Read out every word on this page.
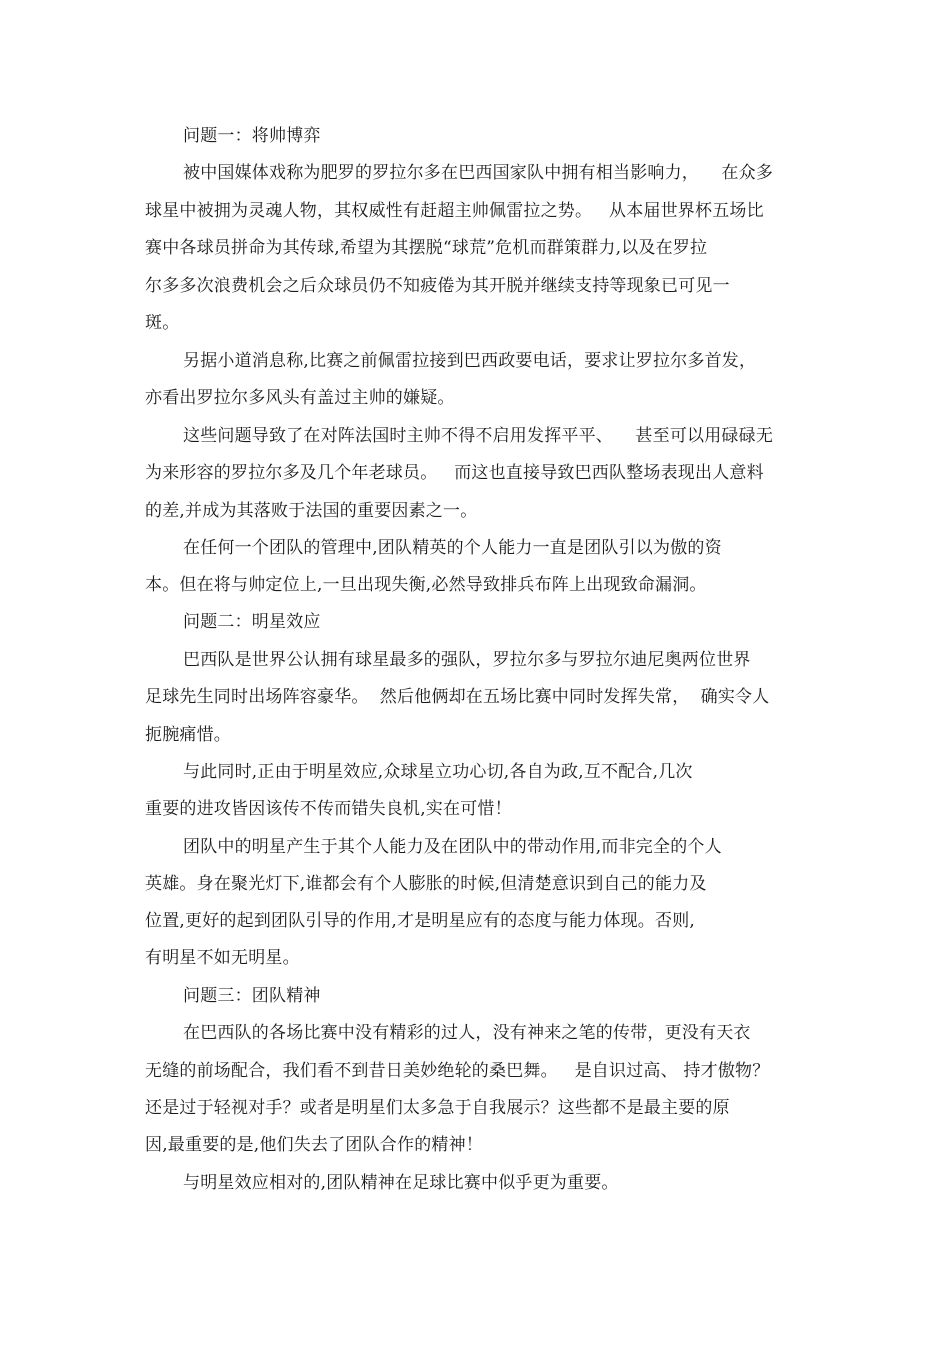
问题一：将帅博弈
被中国媒体戏称为肥罗的罗拉尔多在巴西国家队中拥有相当影响力，    在众多
球星中被拥为灵魂人物，其权威性有赶超主帅佩雷拉之势。   从本届世界杯五场比
赛中各球员拼命为其传球,希望为其摆脱“球荒”危机而群策群力,以及在罗拉
尔多多次浪费机会之后众球员仍不知疲倦为其开脱并继续支持等现象已可见一
斑。
另据小道消息称,比赛之前佩雷拉接到巴西政要电话，要求让罗拉尔多首发，
亦看出罗拉尔多风头有盖过主帅的嫌疑。
这些问题导致了在对阵法国时主帅不得不启用发挥平平、    甚至可以用碌碌无
为来形容的罗拉尔多及几个年老球员。   而这也直接导致巴西队整场表现出人意料
的差,并成为其落败于法国的重要因素之一。
在任何一个团队的管理中,团队精英的个人能力一直是团队引以为傲的资
本。但在将与帅定位上,一旦出现失衡,必然导致排兵布阵上出现致命漏洞。
问题二：明星效应
巴西队是世界公认拥有球星最多的强队，罗拉尔多与罗拉尔迪尼奥两位世界
足球先生同时出场阵容豪华。  然后他俩却在五场比赛中同时发挥失常，  确实令人
扼腕痛惜。
与此同时,正由于明星效应,众球星立功心切,各自为政,互不配合,几次
重要的进攻皆因该传不传而错失良机,实在可惜！
团队中的明星产生于其个人能力及在团队中的带动作用,而非完全的个人
英雄。身在聚光灯下,谁都会有个人膨胀的时候,但清楚意识到自己的能力及
位置,更好的起到团队引导的作用,才是明星应有的态度与能力体现。否则,
有明星不如无明星。
问题三：团队精神
在巴西队的各场比赛中没有精彩的过人，没有神来之笔的传带，更没有天衣
无缝的前场配合，我们看不到昔日美妙绝轮的桑巴舞。   是自识过高、 持才傲物？
还是过于轻视对手？或者是明星们太多急于自我展示？这些都不是最主要的原
因,最重要的是,他们失去了团队合作的精神！
与明星效应相对的,团队精神在足球比赛中似乎更为重要。
